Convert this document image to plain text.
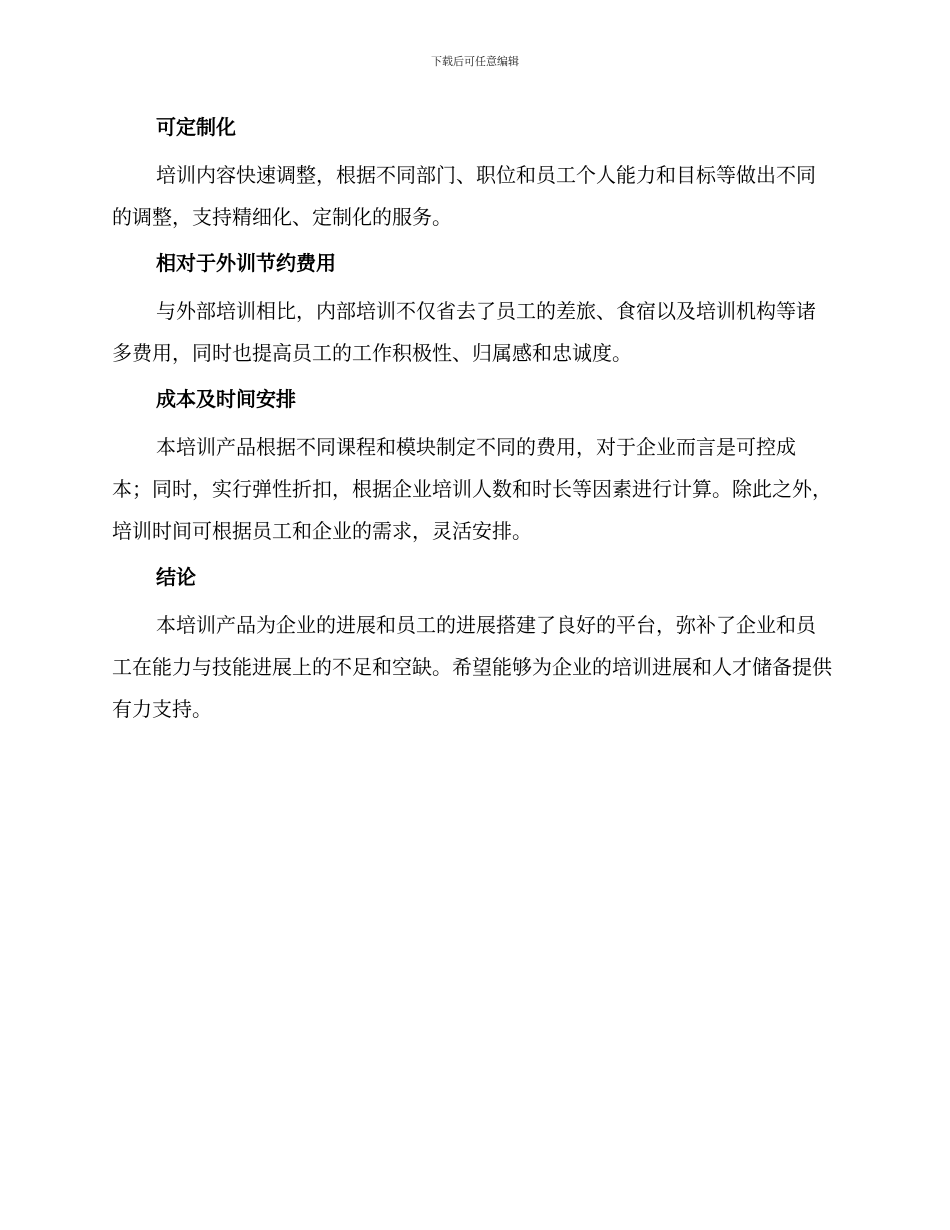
下载后可任意编辑
可定制化

培训内容快速调整，根据不同部门、职位和员工个人能力和目标等做出不同的调整，支持精细化、定制化的服务。

相对于外训节约费用

与外部培训相比，内部培训不仅省去了员工的差旅、食宿以及培训机构等诸多费用，同时也提高员工的工作积极性、归属感和忠诚度。

成本及时间安排

本培训产品根据不同课程和模块制定不同的费用，对于企业而言是可控成本；同时，实行弹性折扣，根据企业培训人数和时长等因素进行计算。除此之外，培训时间可根据员工和企业的需求，灵活安排。

结论

本培训产品为企业的进展和员工的进展搭建了良好的平台，弥补了企业和员工在能力与技能进展上的不足和空缺。希望能够为企业的培训进展和人才储备提供有力支持。
